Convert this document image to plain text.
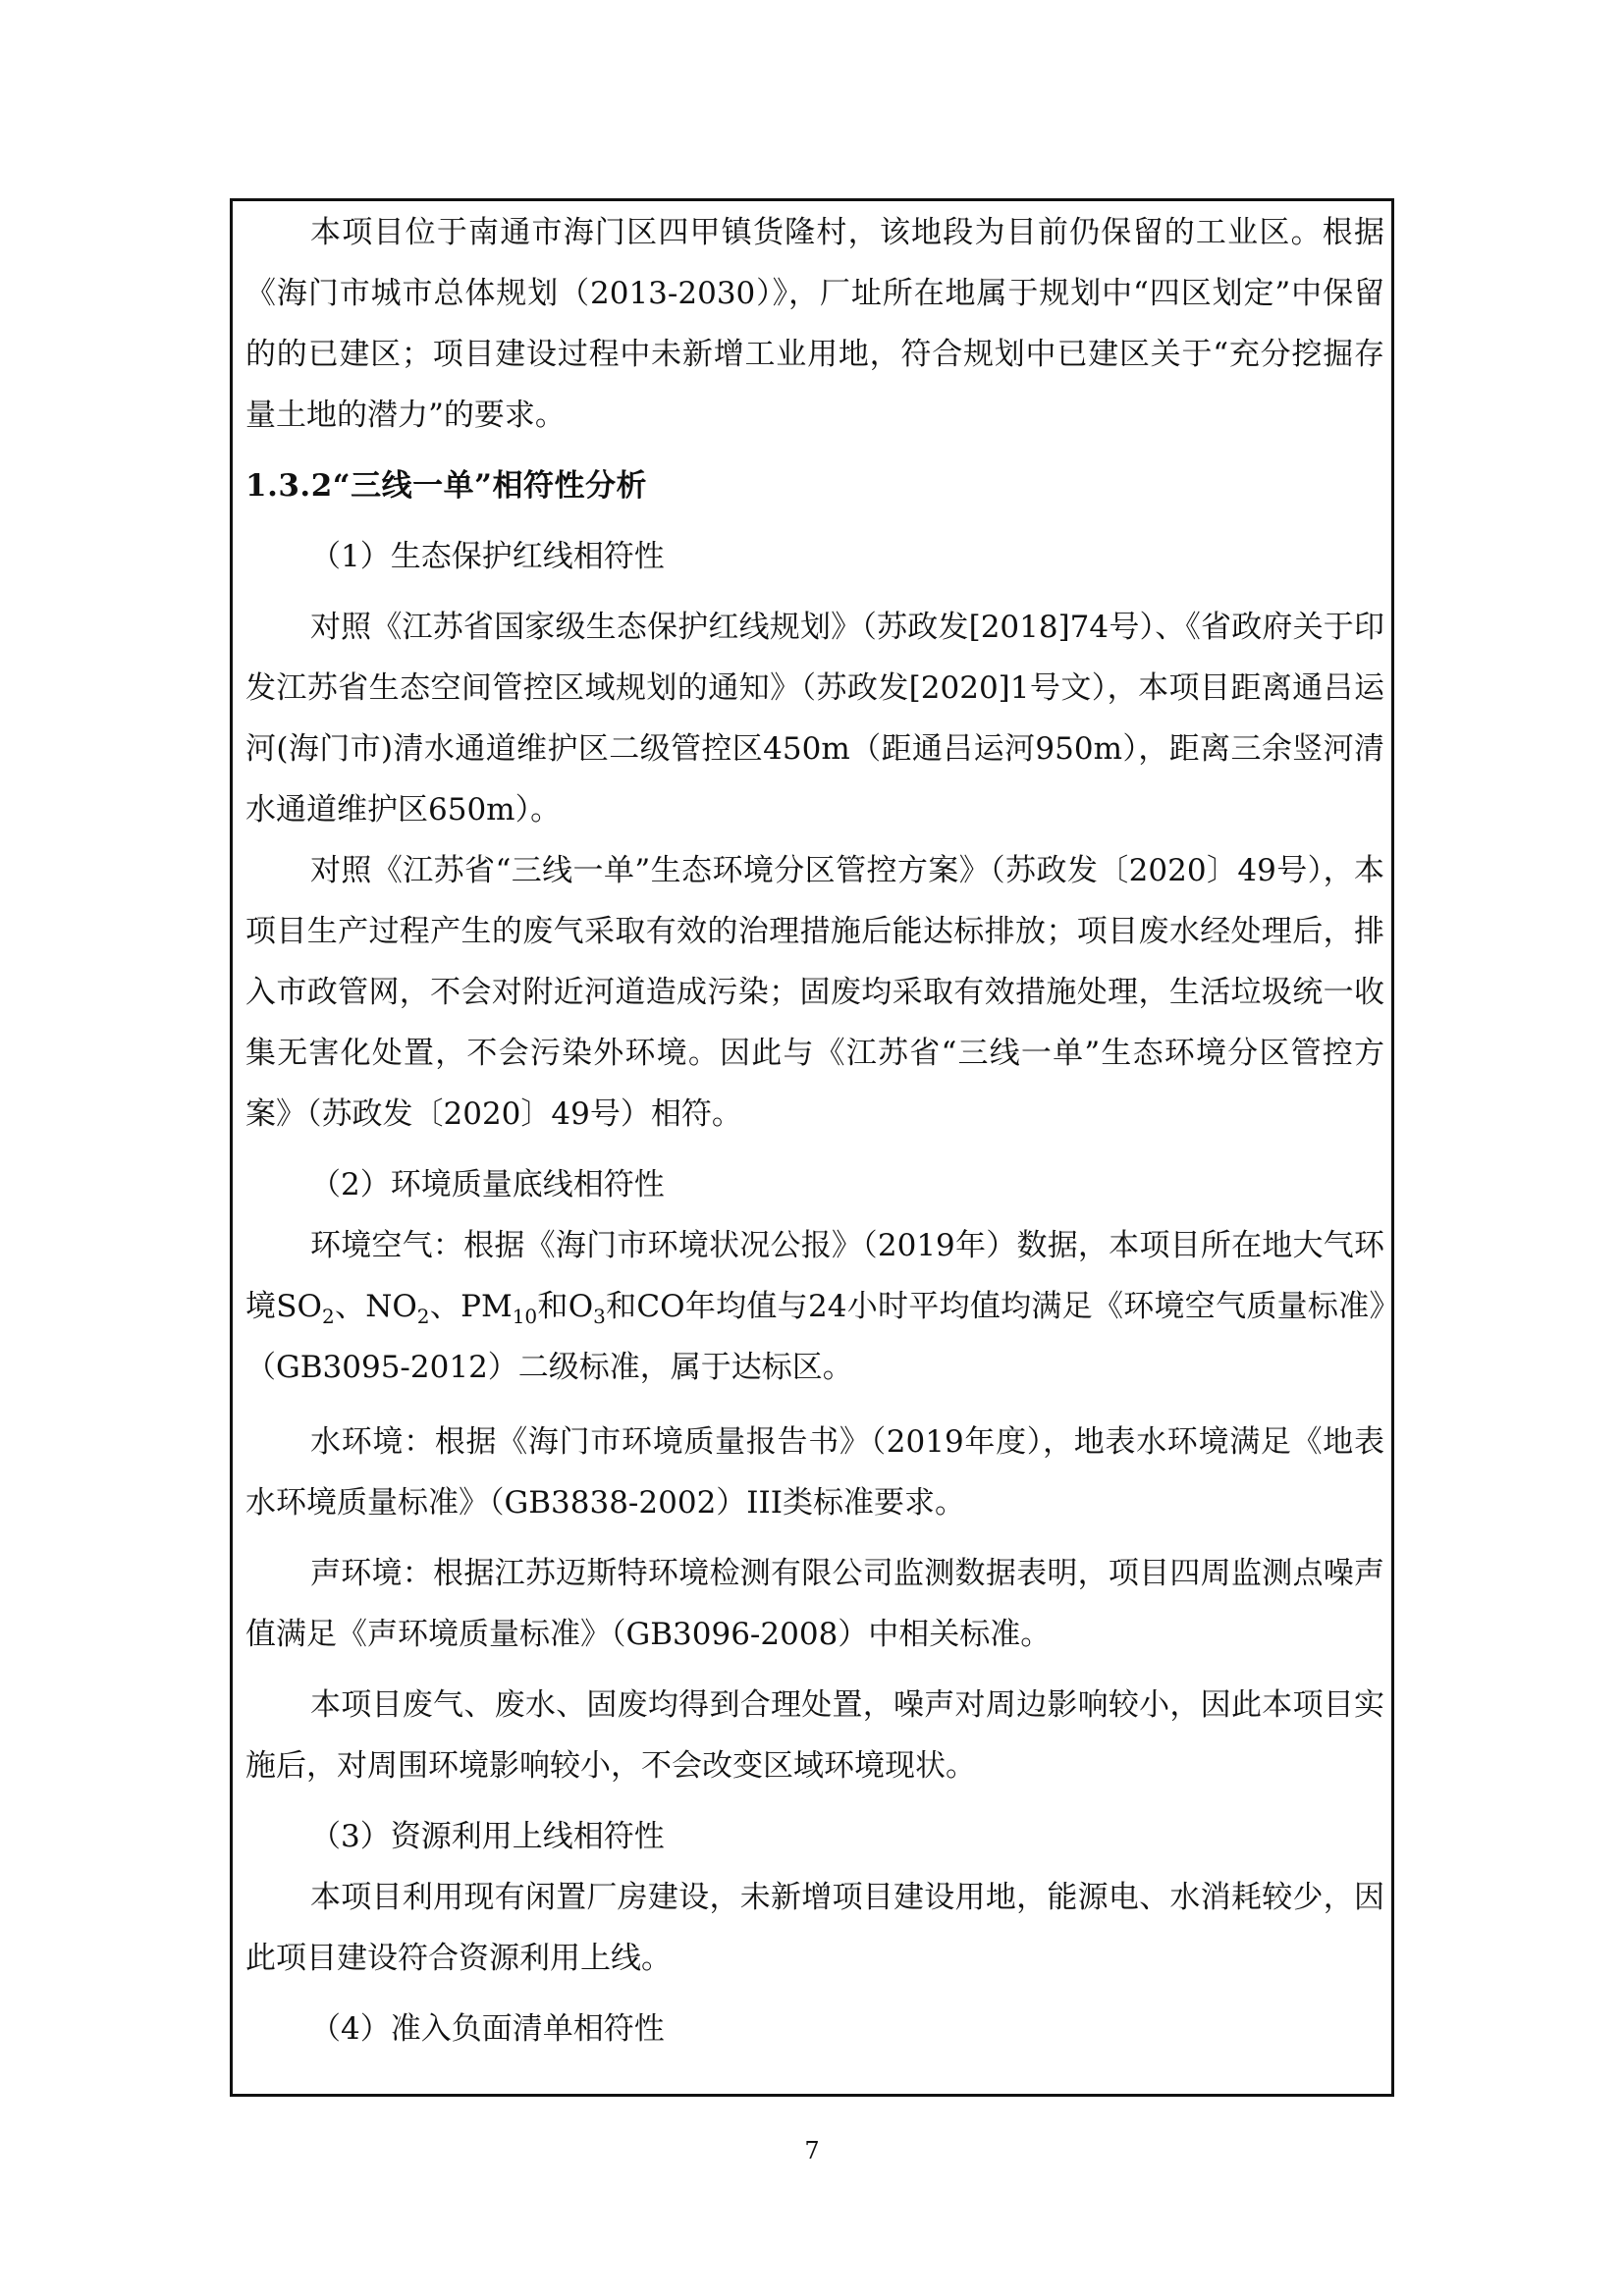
本项目位于南通市海门区四甲镇货隆村，该地段为目前仍保留的工业区。根据《海门市城市总体规划（2013-2030）》，厂址所在地属于规划中“四区划定”中保留的的已建区；项目建设过程中未新增工业用地，符合规划中已建区关于“充分挖掘存量土地的潜力”的要求。

1.3.2“三线一单”相符性分析

（1）生态保护红线相符性

对照《江苏省国家级生态保护红线规划》（苏政发[2018]74号）、《省政府关于印发江苏省生态空间管控区域规划的通知》（苏政发[2020]1号文），本项目距离通吕运河(海门市)清水通道维护区二级管控区450m（距通吕运河950m），距离三余竖河清水通道维护区650m）。

对照《江苏省“三线一单”生态环境分区管控方案》（苏政发〔2020〕49号），本项目生产过程产生的废气采取有效的治理措施后能达标排放；项目废水经处理后，排入市政管网，不会对附近河道造成污染；固废均采取有效措施处理，生活垃圾统一收集无害化处置，不会污染外环境。因此与《江苏省“三线一单”生态环境分区管控方案》（苏政发〔2020〕49号）相符。

（2）环境质量底线相符性

环境空气：根据《海门市环境状况公报》（2019年）数据，本项目所在地大气环境$SO_2$、$NO_2$、$PM_{10}$和$O_3$和CO年均值与24小时平均值均满足《环境空气质量标准》（GB3095-2012）二级标准，属于达标区。

水环境：根据《海门市环境质量报告书》（2019年度），地表水环境满足《地表水环境质量标准》（GB3838-2002）III类标准要求。

声环境：根据江苏迈斯特环境检测有限公司监测数据表明，项目四周监测点噪声值满足《声环境质量标准》（GB3096-2008）中相关标准。

本项目废气、废水、固废均得到合理处置，噪声对周边影响较小，因此本项目实施后，对周围环境影响较小，不会改变区域环境现状。

（3）资源利用上线相符性

本项目利用现有闲置厂房建设，未新增项目建设用地，能源电、水消耗较少，因此项目建设符合资源利用上线。

（4）准入负面清单相符性

7
